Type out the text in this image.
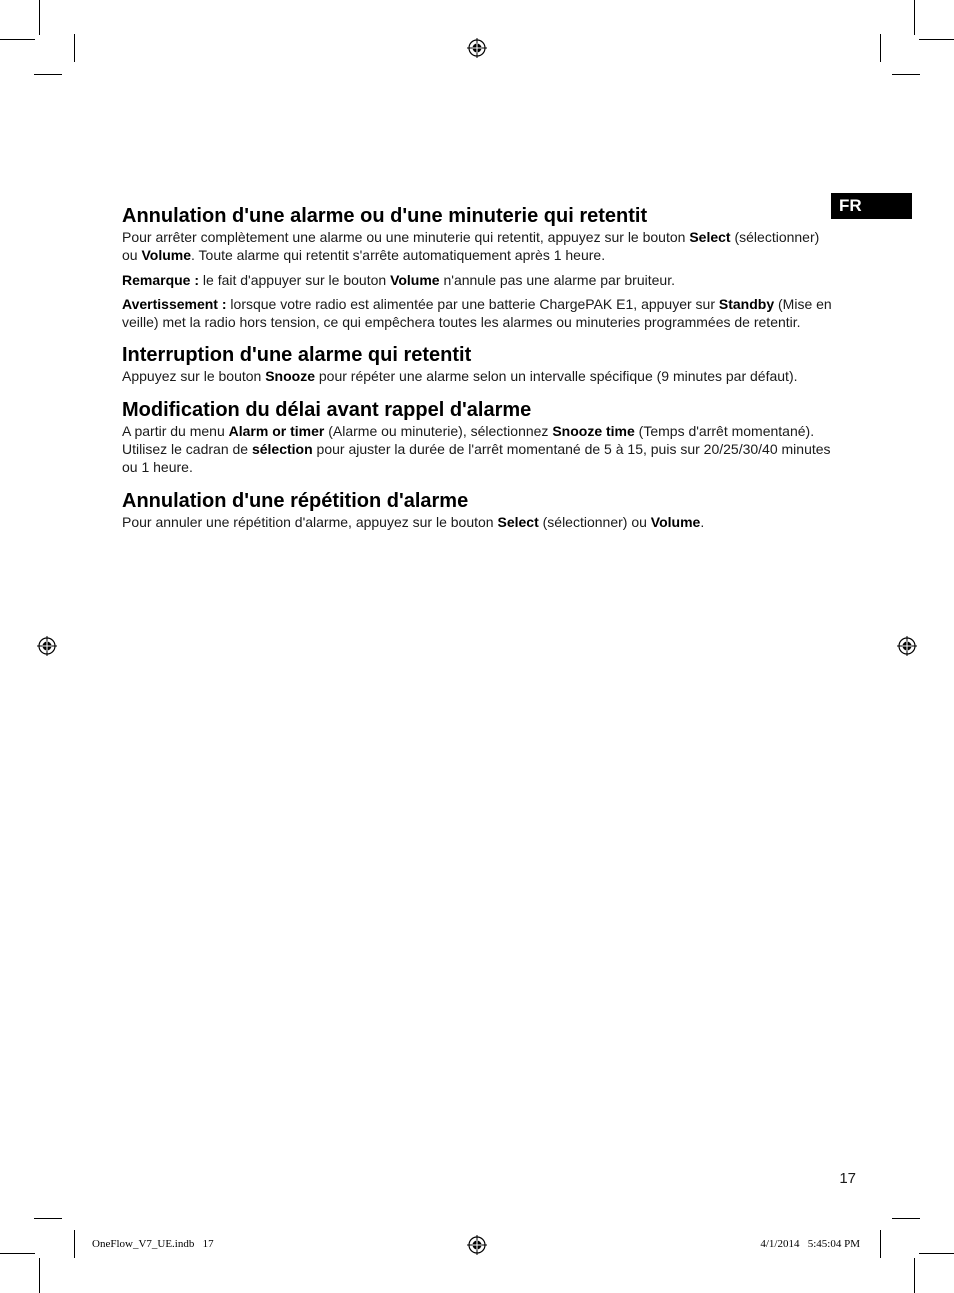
FR
Annulation d'une alarme ou d'une minuterie qui retentit

Pour arrêter complètement une alarme ou une minuterie qui retentit, appuyez sur le bouton Select (sélectionner) ou Volume. Toute alarme qui retentit s'arrête automatiquement après 1 heure.

Remarque : le fait d'appuyer sur le bouton Volume n'annule pas une alarme par bruiteur.

Avertissement : lorsque votre radio est alimentée par une batterie ChargePAK E1, appuyer sur Standby (Mise en veille) met la radio hors tension, ce qui empêchera toutes les alarmes ou minuteries programmées de retentir.

Interruption d'une alarme qui retentit

Appuyez sur le bouton Snooze pour répéter une alarme selon un intervalle spécifique (9 minutes par défaut).

Modification du délai avant rappel d'alarme

A partir du menu Alarm or timer (Alarme ou minuterie), sélectionnez Snooze time (Temps d'arrêt momentané). Utilisez le cadran de sélection pour ajuster la durée de l'arrêt momentané de 5 à 15, puis sur 20/25/30/40 minutes ou 1 heure.

Annulation d'une répétition d'alarme

Pour annuler une répétition d'alarme, appuyez sur le bouton Select (sélectionner) ou Volume.

17
OneFlow_V7_UE.indb   17	4/1/2014   5:45:04 PM
